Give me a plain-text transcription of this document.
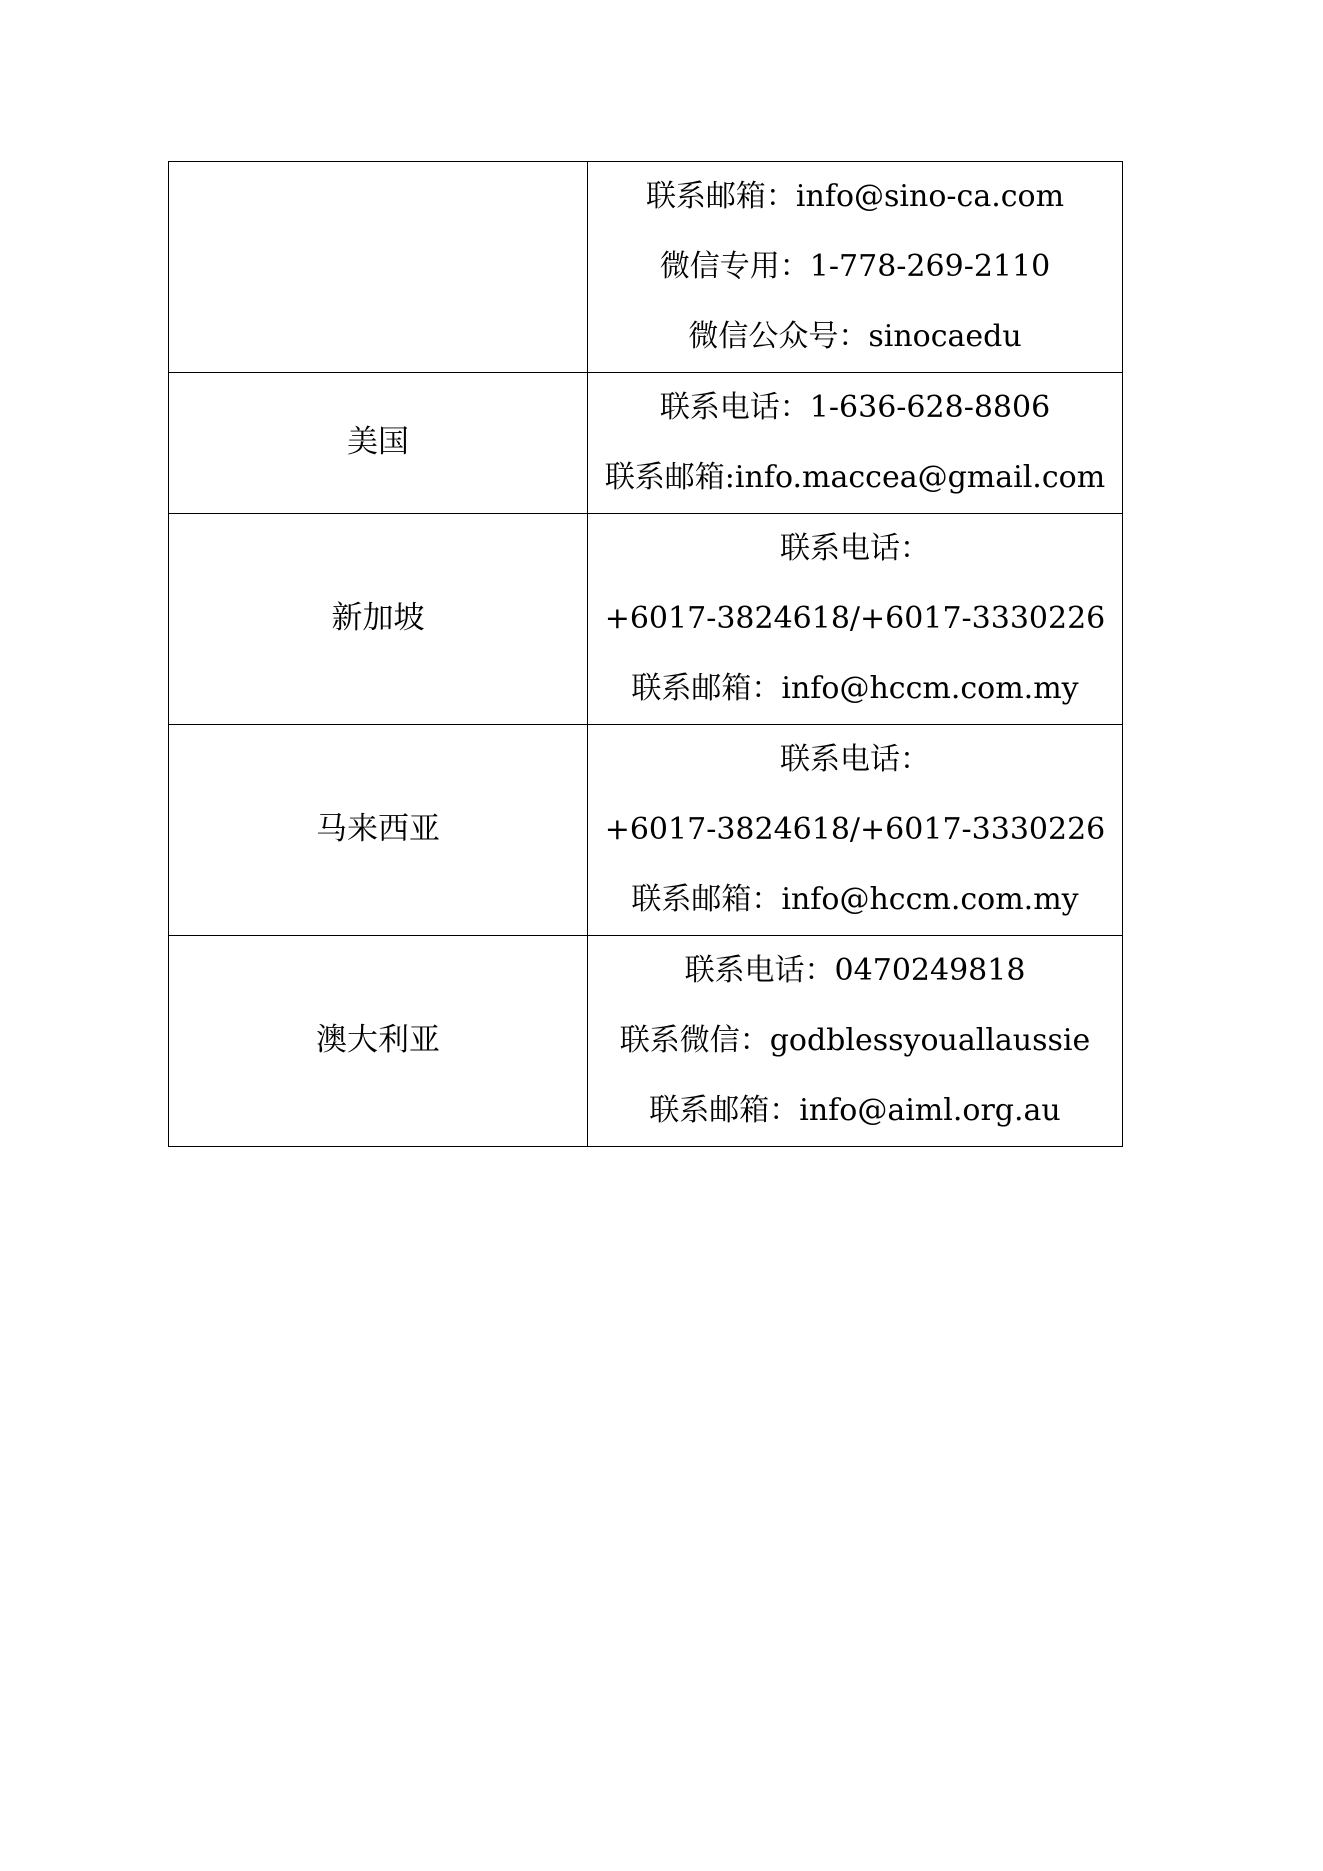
	联系邮箱：info@sino-ca.com
微信专用：1-778-269-2110
微信公众号：sinocaedu

美国	联系电话：1-636-628-8806
联系邮箱:info.maccea@gmail.com

新加坡	联系电话：
+6017-3824618/+6017-3330226
联系邮箱：info@hccm.com.my

马来西亚	联系电话：
+6017-3824618/+6017-3330226
联系邮箱：info@hccm.com.my

澳大利亚	联系电话：0470249818
联系微信：godblessyouallaussie
联系邮箱：info@aiml.org.au
